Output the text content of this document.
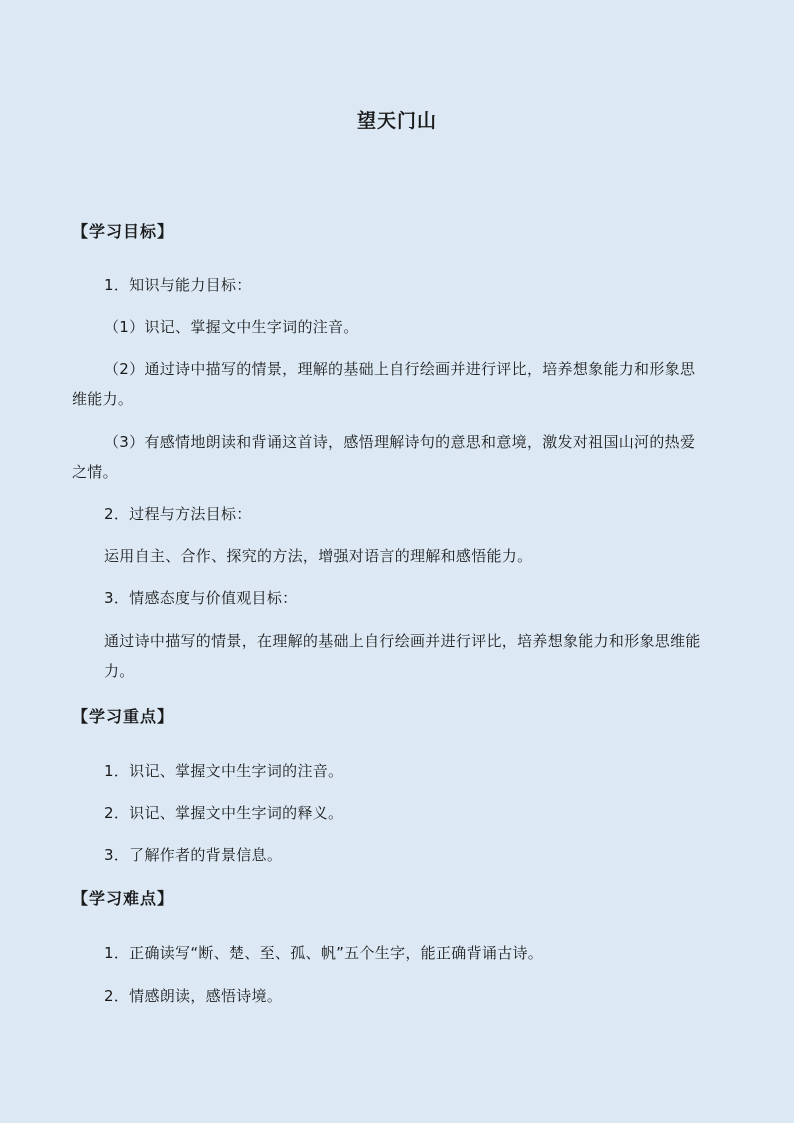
望天门山
【学习目标】
1．知识与能力目标：
（1）识记、掌握文中生字词的注音。
（2）通过诗中描写的情景，理解的基础上自行绘画并进行评比，培养想象能力和形象思
维能力。
（3）有感情地朗读和背诵这首诗，感悟理解诗句的意思和意境，激发对祖国山河的热爱
之情。
2．过程与方法目标：
运用自主、合作、探究的方法，增强对语言的理解和感悟能力。
3．情感态度与价值观目标：
通过诗中描写的情景，在理解的基础上自行绘画并进行评比，培养想象能力和形象思维能
力。
【学习重点】
1．识记、掌握文中生字词的注音。
2．识记、掌握文中生字词的释义。
3．了解作者的背景信息。
【学习难点】
1．正确读写“断、楚、至、孤、帆”五个生字，能正确背诵古诗。
2．情感朗读，感悟诗境。
